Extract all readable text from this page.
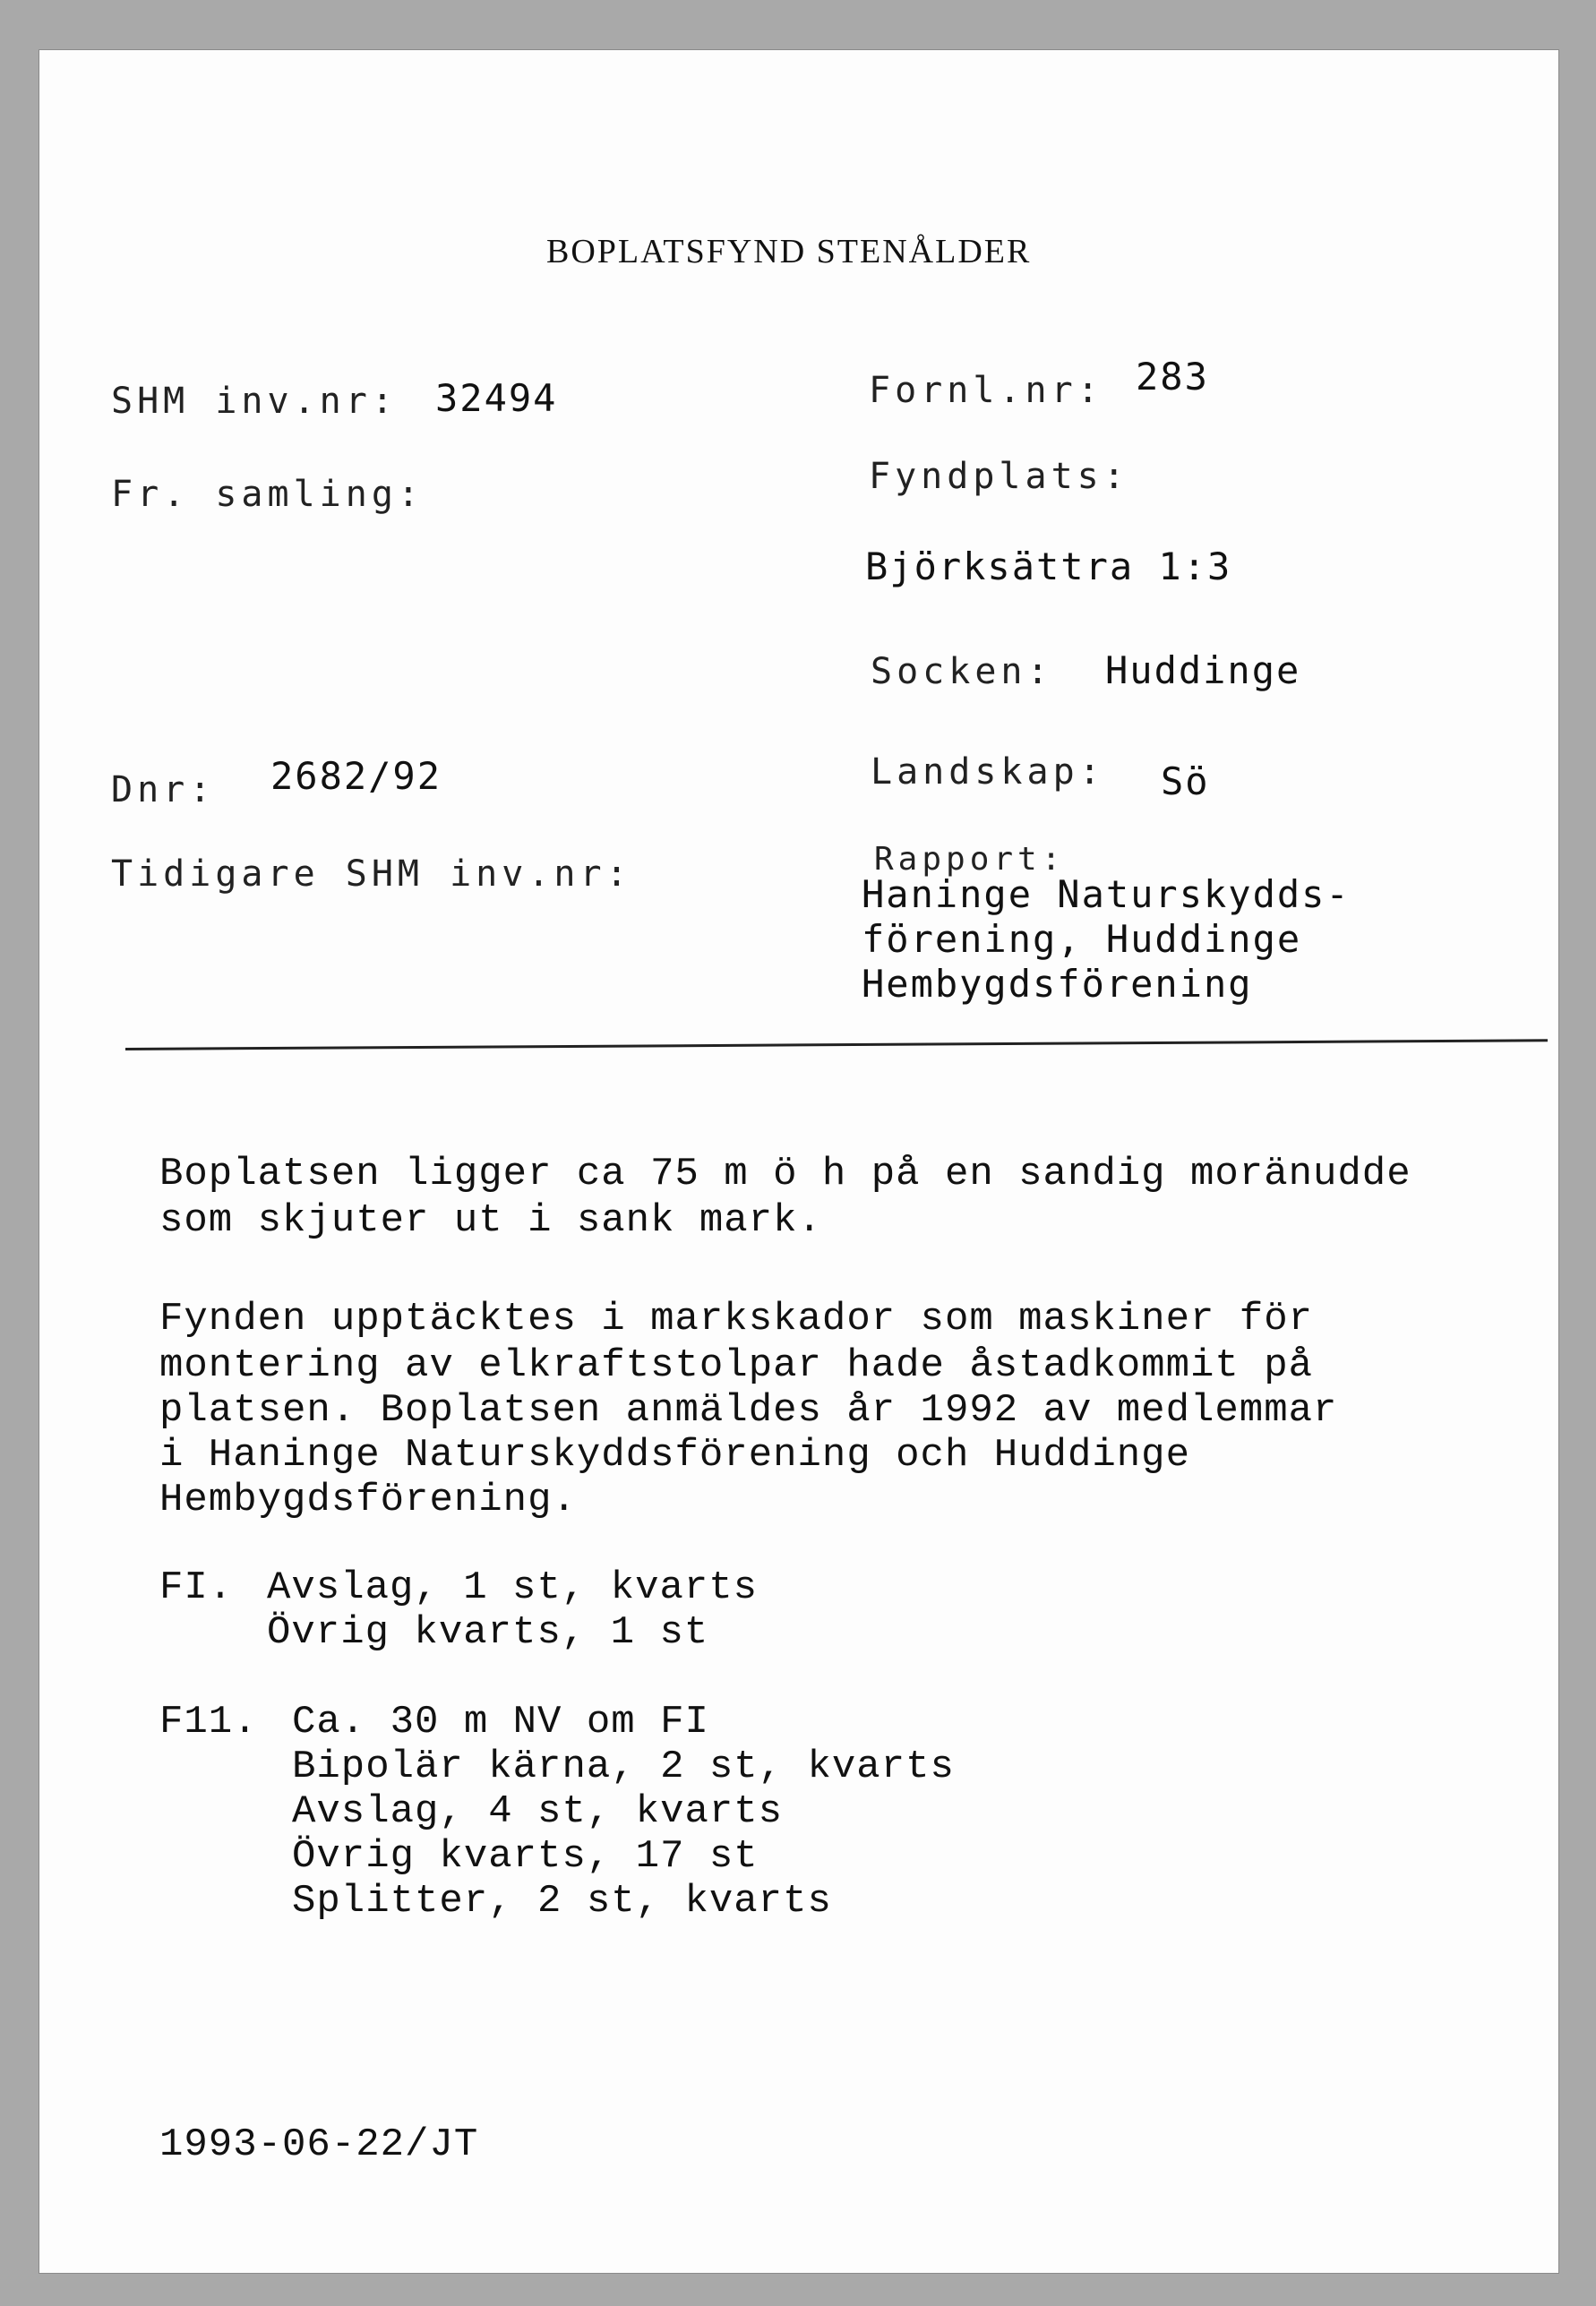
BOPLATSFYND STENÅLDER
SHM inv.nr: 32494
Fr. samling:
Dnr: 2682/92
Tidigare SHM inv.nr:
Fornl.nr: 283
Fyndplats:
Björksättra 1:3
Socken: Huddinge
Landskap: Sö
Rapport:
Haninge Naturskydds-
förening, Huddinge
Hembygdsförening
Boplatsen ligger ca 75 m ö h på en sandig moränudde
som skjuter ut i sank mark.
Fynden upptäcktes i markskador som maskiner för
montering av elkraftstolpar hade åstadkommit på
platsen. Boplatsen anmäldes år 1992 av medlemmar
i Haninge Naturskyddsförening och Huddinge
Hembygdsförening.
FI. Avslag, 1 st, kvarts
Övrig kvarts, 1 st
F11. Ca. 30 m NV om FI
Bipolär kärna, 2 st, kvarts
Avslag, 4 st, kvarts
Övrig kvarts, 17 st
Splitter, 2 st, kvarts
1993-06-22/JT
